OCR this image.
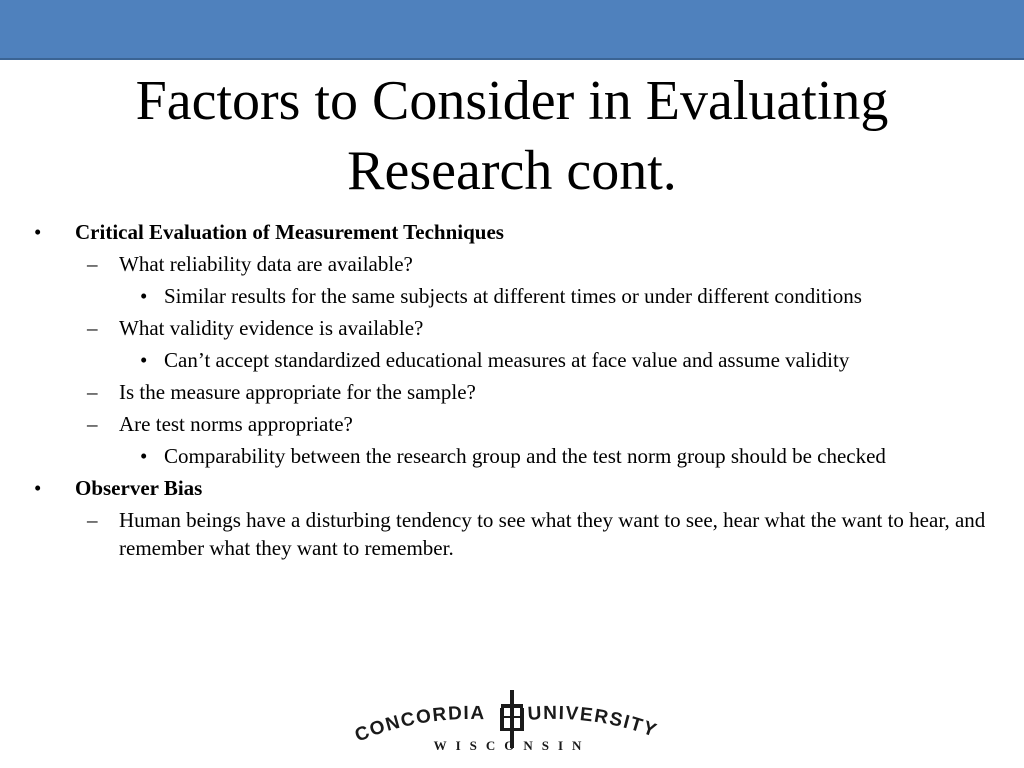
Factors to Consider in Evaluating
Research cont.
• Critical Evaluation of Measurement Techniques
– What reliability data are available?
• Similar results for the same subjects at different times or under different conditions
– What validity evidence is available?
• Can’t accept standardized educational measures at face value and assume validity
– Is the measure appropriate for the sample?
– Are test norms appropriate?
• Comparability between the research group and the test norm group should be checked
• Observer Bias
– Human beings have a disturbing tendency to see what they want to see, hear what the want to hear, and remember what they want to remember.
CONCORDIA UNIVERSITY
WISCONSIN
